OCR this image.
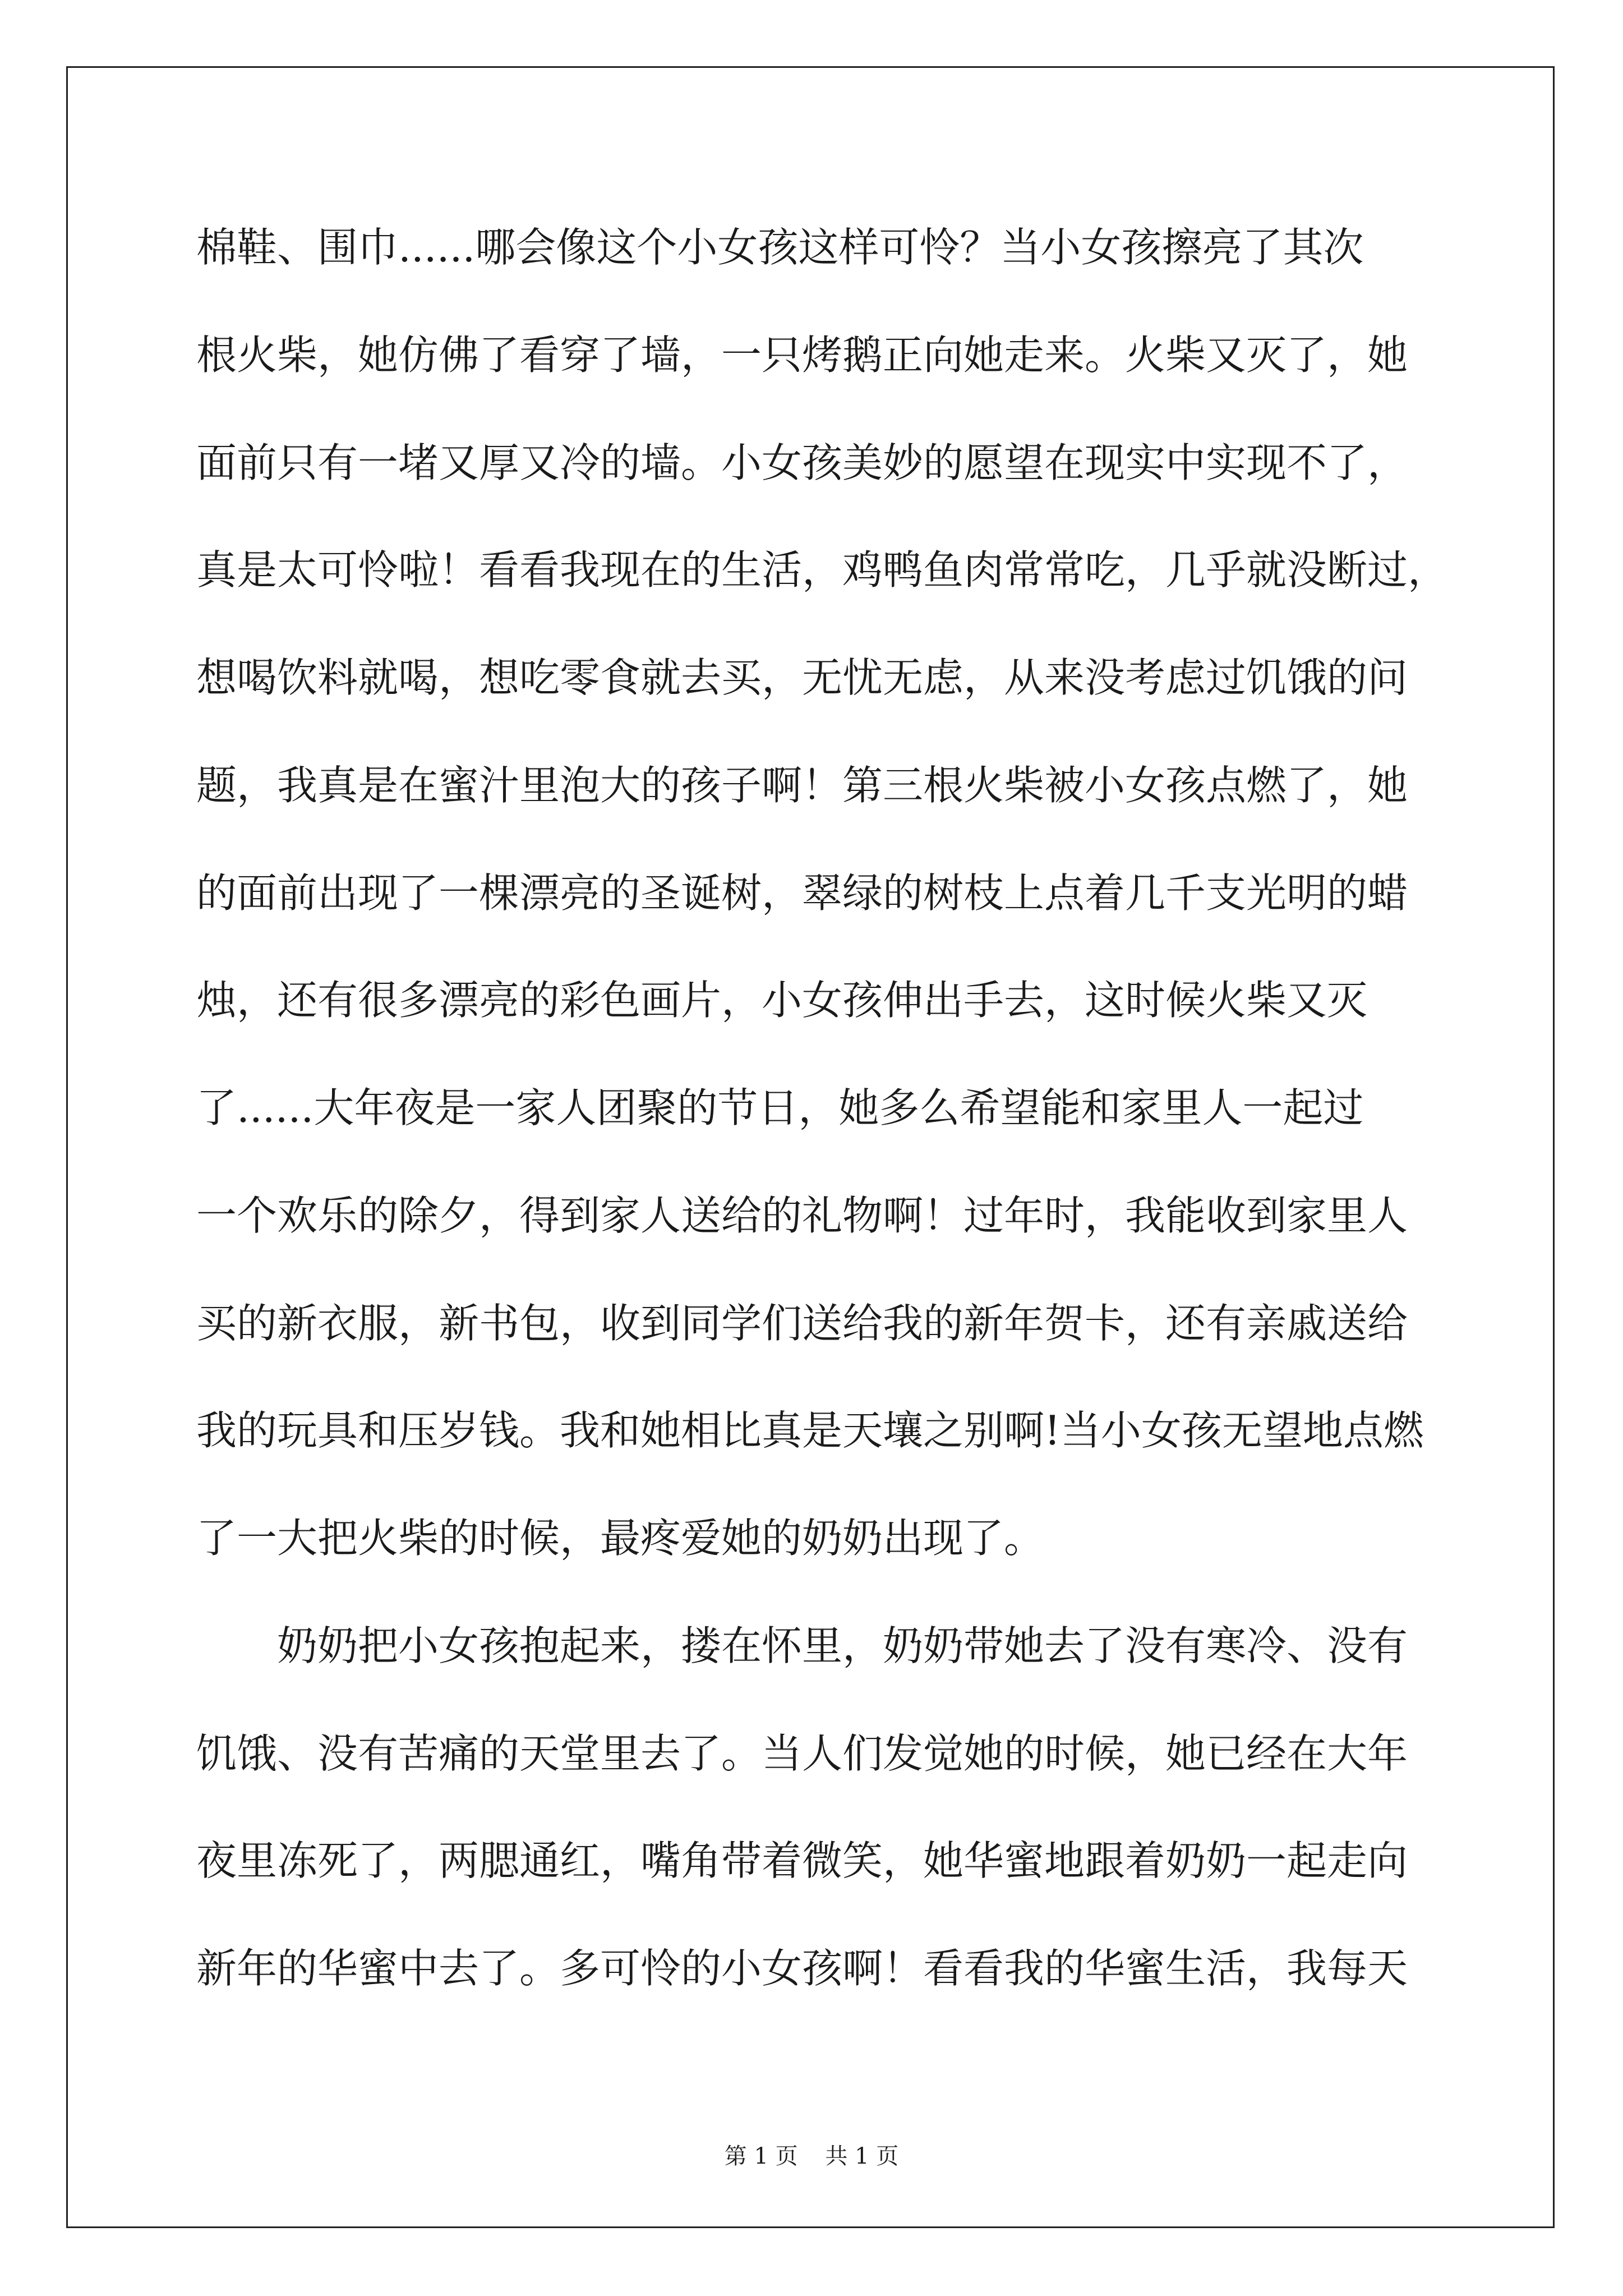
棉鞋、围巾......哪会像这个小女孩这样可怜？当小女孩擦亮了其次
根火柴，她仿佛了看穿了墙，一只烤鹅正向她走来。火柴又灭了，她
面前只有一堵又厚又冷的墙。小女孩美妙的愿望在现实中实现不了，
真是太可怜啦！看看我现在的生活，鸡鸭鱼肉常常吃，几乎就没断过，
想喝饮料就喝，想吃零食就去买，无忧无虑，从来没考虑过饥饿的问
题，我真是在蜜汁里泡大的孩子啊！第三根火柴被小女孩点燃了，她
的面前出现了一棵漂亮的圣诞树，翠绿的树枝上点着几千支光明的蜡
烛，还有很多漂亮的彩色画片，小女孩伸出手去，这时候火柴又灭
了......大年夜是一家人团聚的节日，她多么希望能和家里人一起过
一个欢乐的除夕，得到家人送给的礼物啊！过年时，我能收到家里人
买的新衣服，新书包，收到同学们送给我的新年贺卡，还有亲戚送给
我的玩具和压岁钱。我和她相比真是天壤之别啊!当小女孩无望地点燃
了一大把火柴的时候，最疼爱她的奶奶出现了。
奶奶把小女孩抱起来，搂在怀里，奶奶带她去了没有寒冷、没有
饥饿、没有苦痛的天堂里去了。当人们发觉她的时候，她已经在大年
夜里冻死了，两腮通红，嘴角带着微笑，她华蜜地跟着奶奶一起走向
新年的华蜜中去了。多可怜的小女孩啊！看看我的华蜜生活，我每天
第 1 页 共 1 页
